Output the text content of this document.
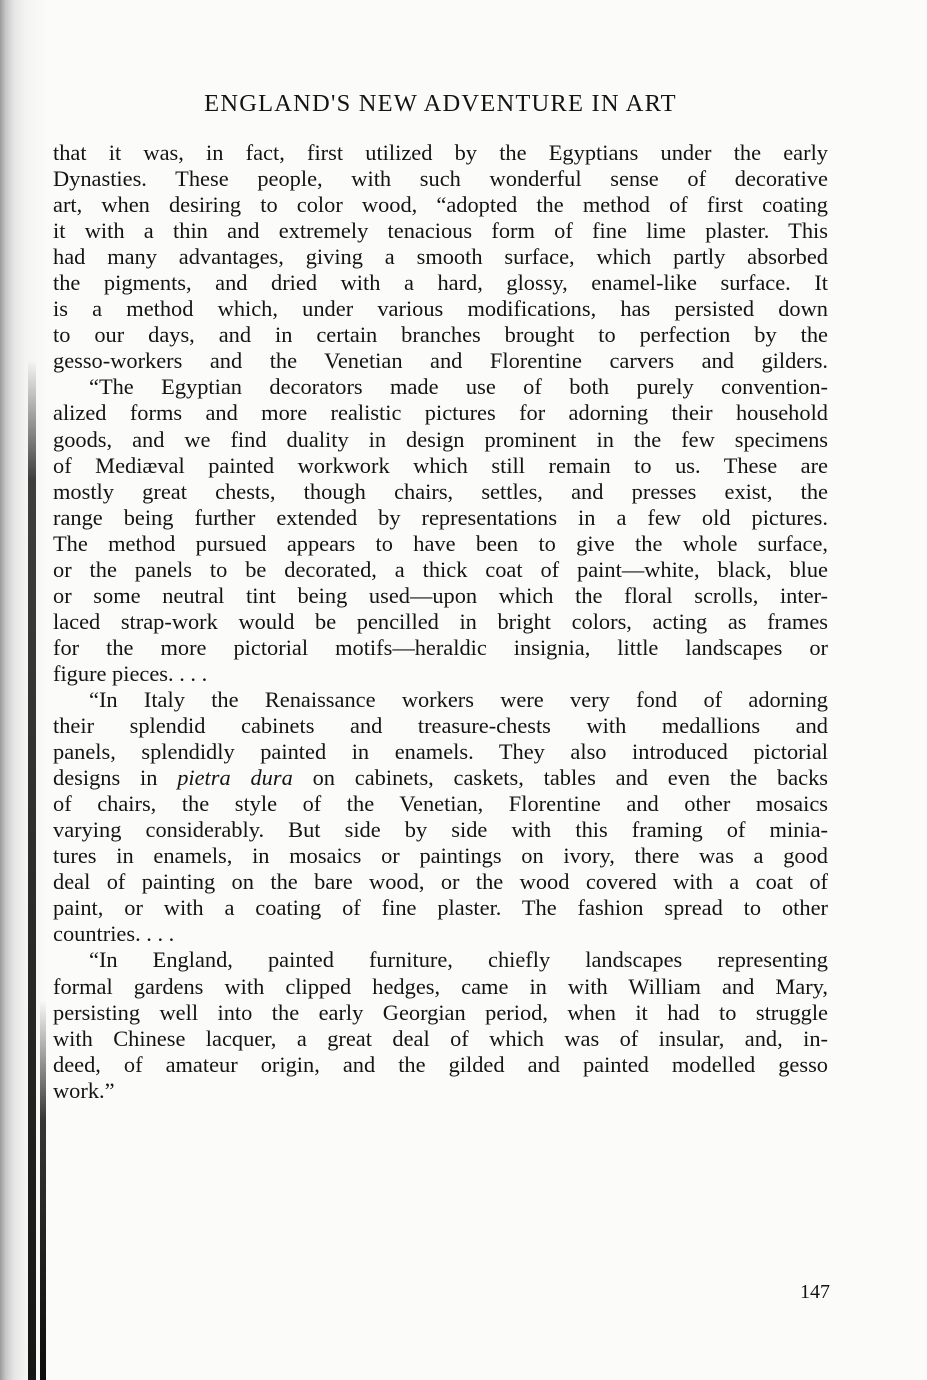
ENGLAND'S NEW ADVENTURE IN ART
that it was, in fact, first utilized by the Egyptians under the early
Dynasties. These people, with such wonderful sense of decorative
art, when desiring to color wood, “adopted the method of first coating
it with a thin and extremely tenacious form of fine lime plaster. This
had many advantages, giving a smooth surface, which partly absorbed
the pigments, and dried with a hard, glossy, enamel-like surface. It
is a method which, under various modifications, has persisted down
to our days, and in certain branches brought to perfection by the
gesso-workers and the Venetian and Florentine carvers and gilders.
“The Egyptian decorators made use of both purely convention-
alized forms and more realistic pictures for adorning their household
goods, and we find duality in design prominent in the few specimens
of Mediæval painted workwork which still remain to us. These are
mostly great chests, though chairs, settles, and presses exist, the
range being further extended by representations in a few old pictures.
The method pursued appears to have been to give the whole surface,
or the panels to be decorated, a thick coat of paint—white, black, blue
or some neutral tint being used—upon which the floral scrolls, inter-
laced strap-work would be pencilled in bright colors, acting as frames
for the more pictorial motifs—heraldic insignia, little landscapes or
figure pieces. . . .
“In Italy the Renaissance workers were very fond of adorning
their splendid cabinets and treasure-chests with medallions and
panels, splendidly painted in enamels. They also introduced pictorial
designs in pietra dura on cabinets, caskets, tables and even the backs
of chairs, the style of the Venetian, Florentine and other mosaics
varying considerably. But side by side with this framing of minia-
tures in enamels, in mosaics or paintings on ivory, there was a good
deal of painting on the bare wood, or the wood covered with a coat of
paint, or with a coating of fine plaster. The fashion spread to other
countries. . . .
“In England, painted furniture, chiefly landscapes representing
formal gardens with clipped hedges, came in with William and Mary,
persisting well into the early Georgian period, when it had to struggle
with Chinese lacquer, a great deal of which was of insular, and, in-
deed, of amateur origin, and the gilded and painted modelled gesso
work.”
147
